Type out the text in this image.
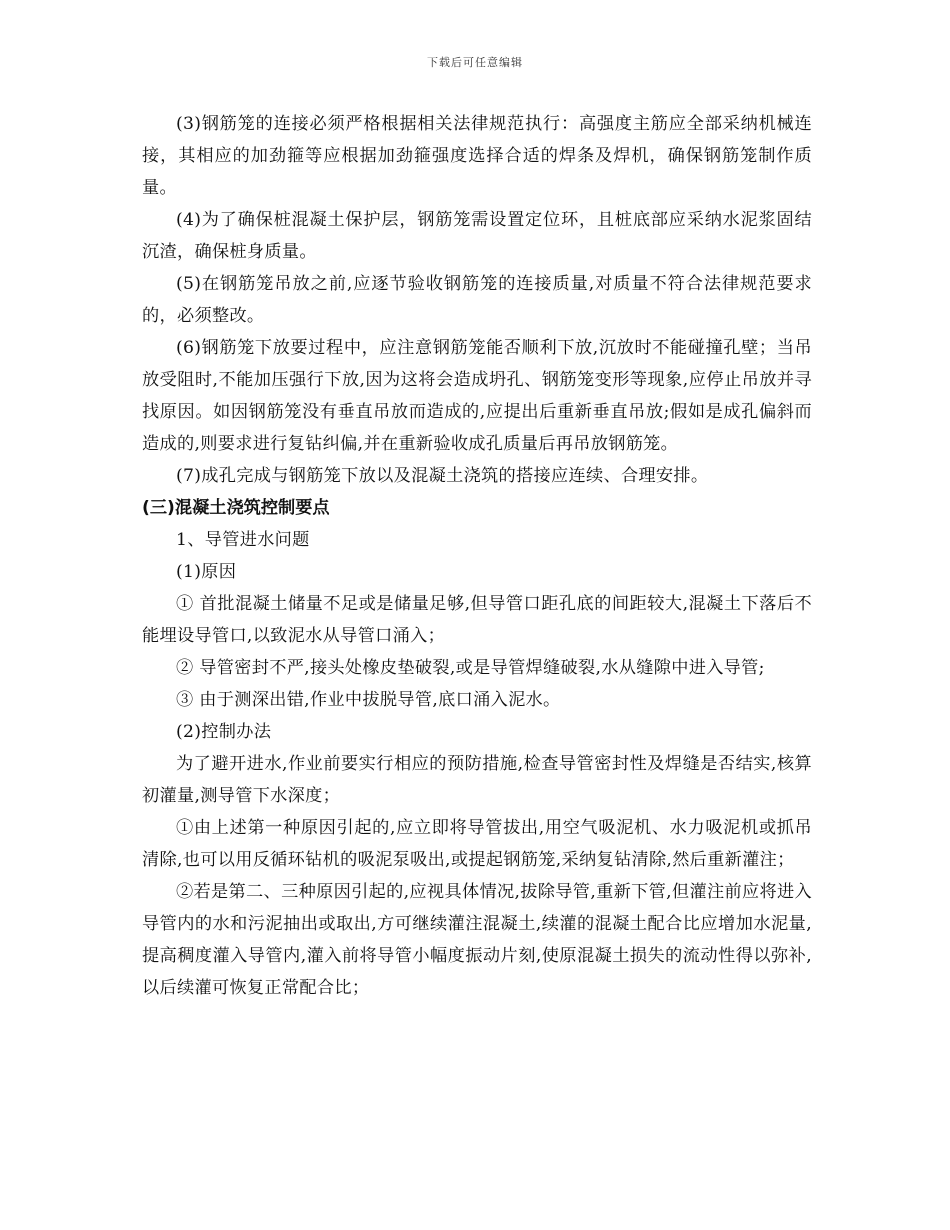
下载后可任意编辑

(3)钢筋笼的连接必须严格根据相关法律规范执行：高强度主筋应全部采纳机械连接，其相应的加劲箍等应根据加劲箍强度选择合适的焊条及焊机，确保钢筋笼制作质量。

(4)为了确保桩混凝土保护层，钢筋笼需设置定位环，且桩底部应采纳水泥浆固结沉渣，确保桩身质量。

(5)在钢筋笼吊放之前,应逐节验收钢筋笼的连接质量,对质量不符合法律规范要求的，必须整改。

(6)钢筋笼下放要过程中，应注意钢筋笼能否顺利下放,沉放时不能碰撞孔壁；当吊放受阻时,不能加压强行下放,因为这将会造成坍孔、钢筋笼变形等现象,应停止吊放并寻找原因。如因钢筋笼没有垂直吊放而造成的,应提出后重新垂直吊放;假如是成孔偏斜而造成的,则要求进行复钻纠偏,并在重新验收成孔质量后再吊放钢筋笼。

(7)成孔完成与钢筋笼下放以及混凝土浇筑的搭接应连续、合理安排。

(三)混凝土浇筑控制要点

1、导管进水问题

(1)原因

① 首批混凝土储量不足或是储量足够,但导管口距孔底的间距较大,混凝土下落后不能埋设导管口,以致泥水从导管口涌入；

② 导管密封不严,接头处橡皮垫破裂,或是导管焊缝破裂,水从缝隙中进入导管;

③ 由于测深出错,作业中拔脱导管,底口涌入泥水。

(2)控制办法

为了避开进水,作业前要实行相应的预防措施,检查导管密封性及焊缝是否结实,核算初灌量,测导管下水深度；

①由上述第一种原因引起的,应立即将导管拔出,用空气吸泥机、水力吸泥机或抓吊清除,也可以用反循环钻机的吸泥泵吸出,或提起钢筋笼,采纳复钻清除,然后重新灌注；

②若是第二、三种原因引起的,应视具体情况,拔除导管,重新下管,但灌注前应将进入导管内的水和污泥抽出或取出,方可继续灌注混凝土,续灌的混凝土配合比应增加水泥量,提高稠度灌入导管内,灌入前将导管小幅度振动片刻,使原混凝土损失的流动性得以弥补,以后续灌可恢复正常配合比；
